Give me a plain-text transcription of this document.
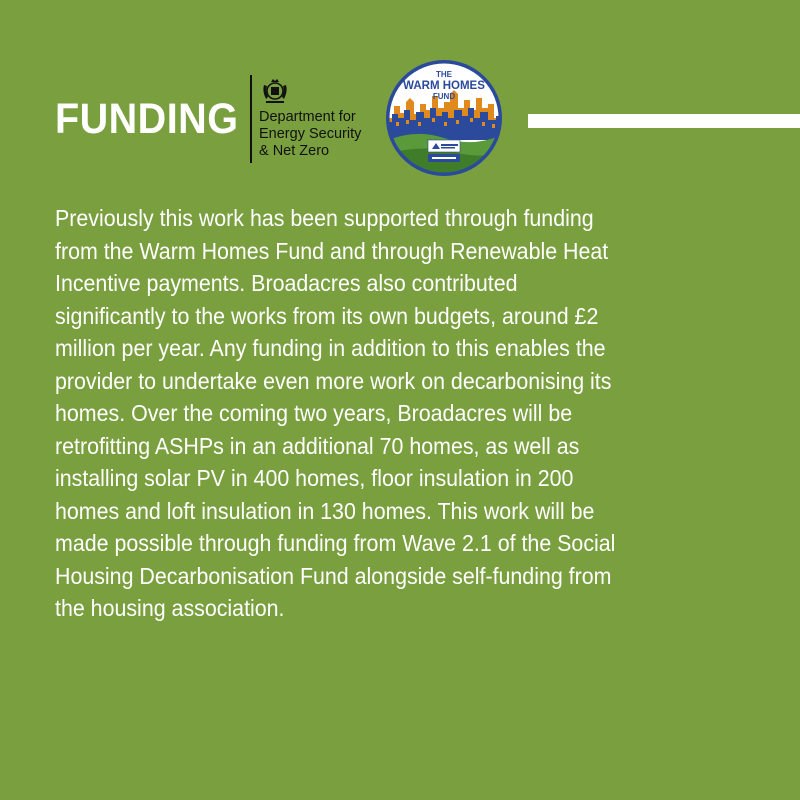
FUNDING Department for
Energy Security
& Net Zero
THE
WARM HOMES
FUND
Previously this work has been supported through funding
from the Warm Homes Fund and through Renewable Heat
Incentive payments. Broadacres also contributed
significantly to the works from its own budgets, around £2
million per year. Any funding in addition to this enables the
provider to undertake even more work on decarbonising its
homes. Over the coming two years, Broadacres will be
retrofitting ASHPs in an additional 70 homes, as well as
installing solar PV in 400 homes, floor insulation in 200
homes and loft insulation in 130 homes. This work will be
made possible through funding from Wave 2.1 of the Social
Housing Decarbonisation Fund alongside self-funding from
the housing association.
